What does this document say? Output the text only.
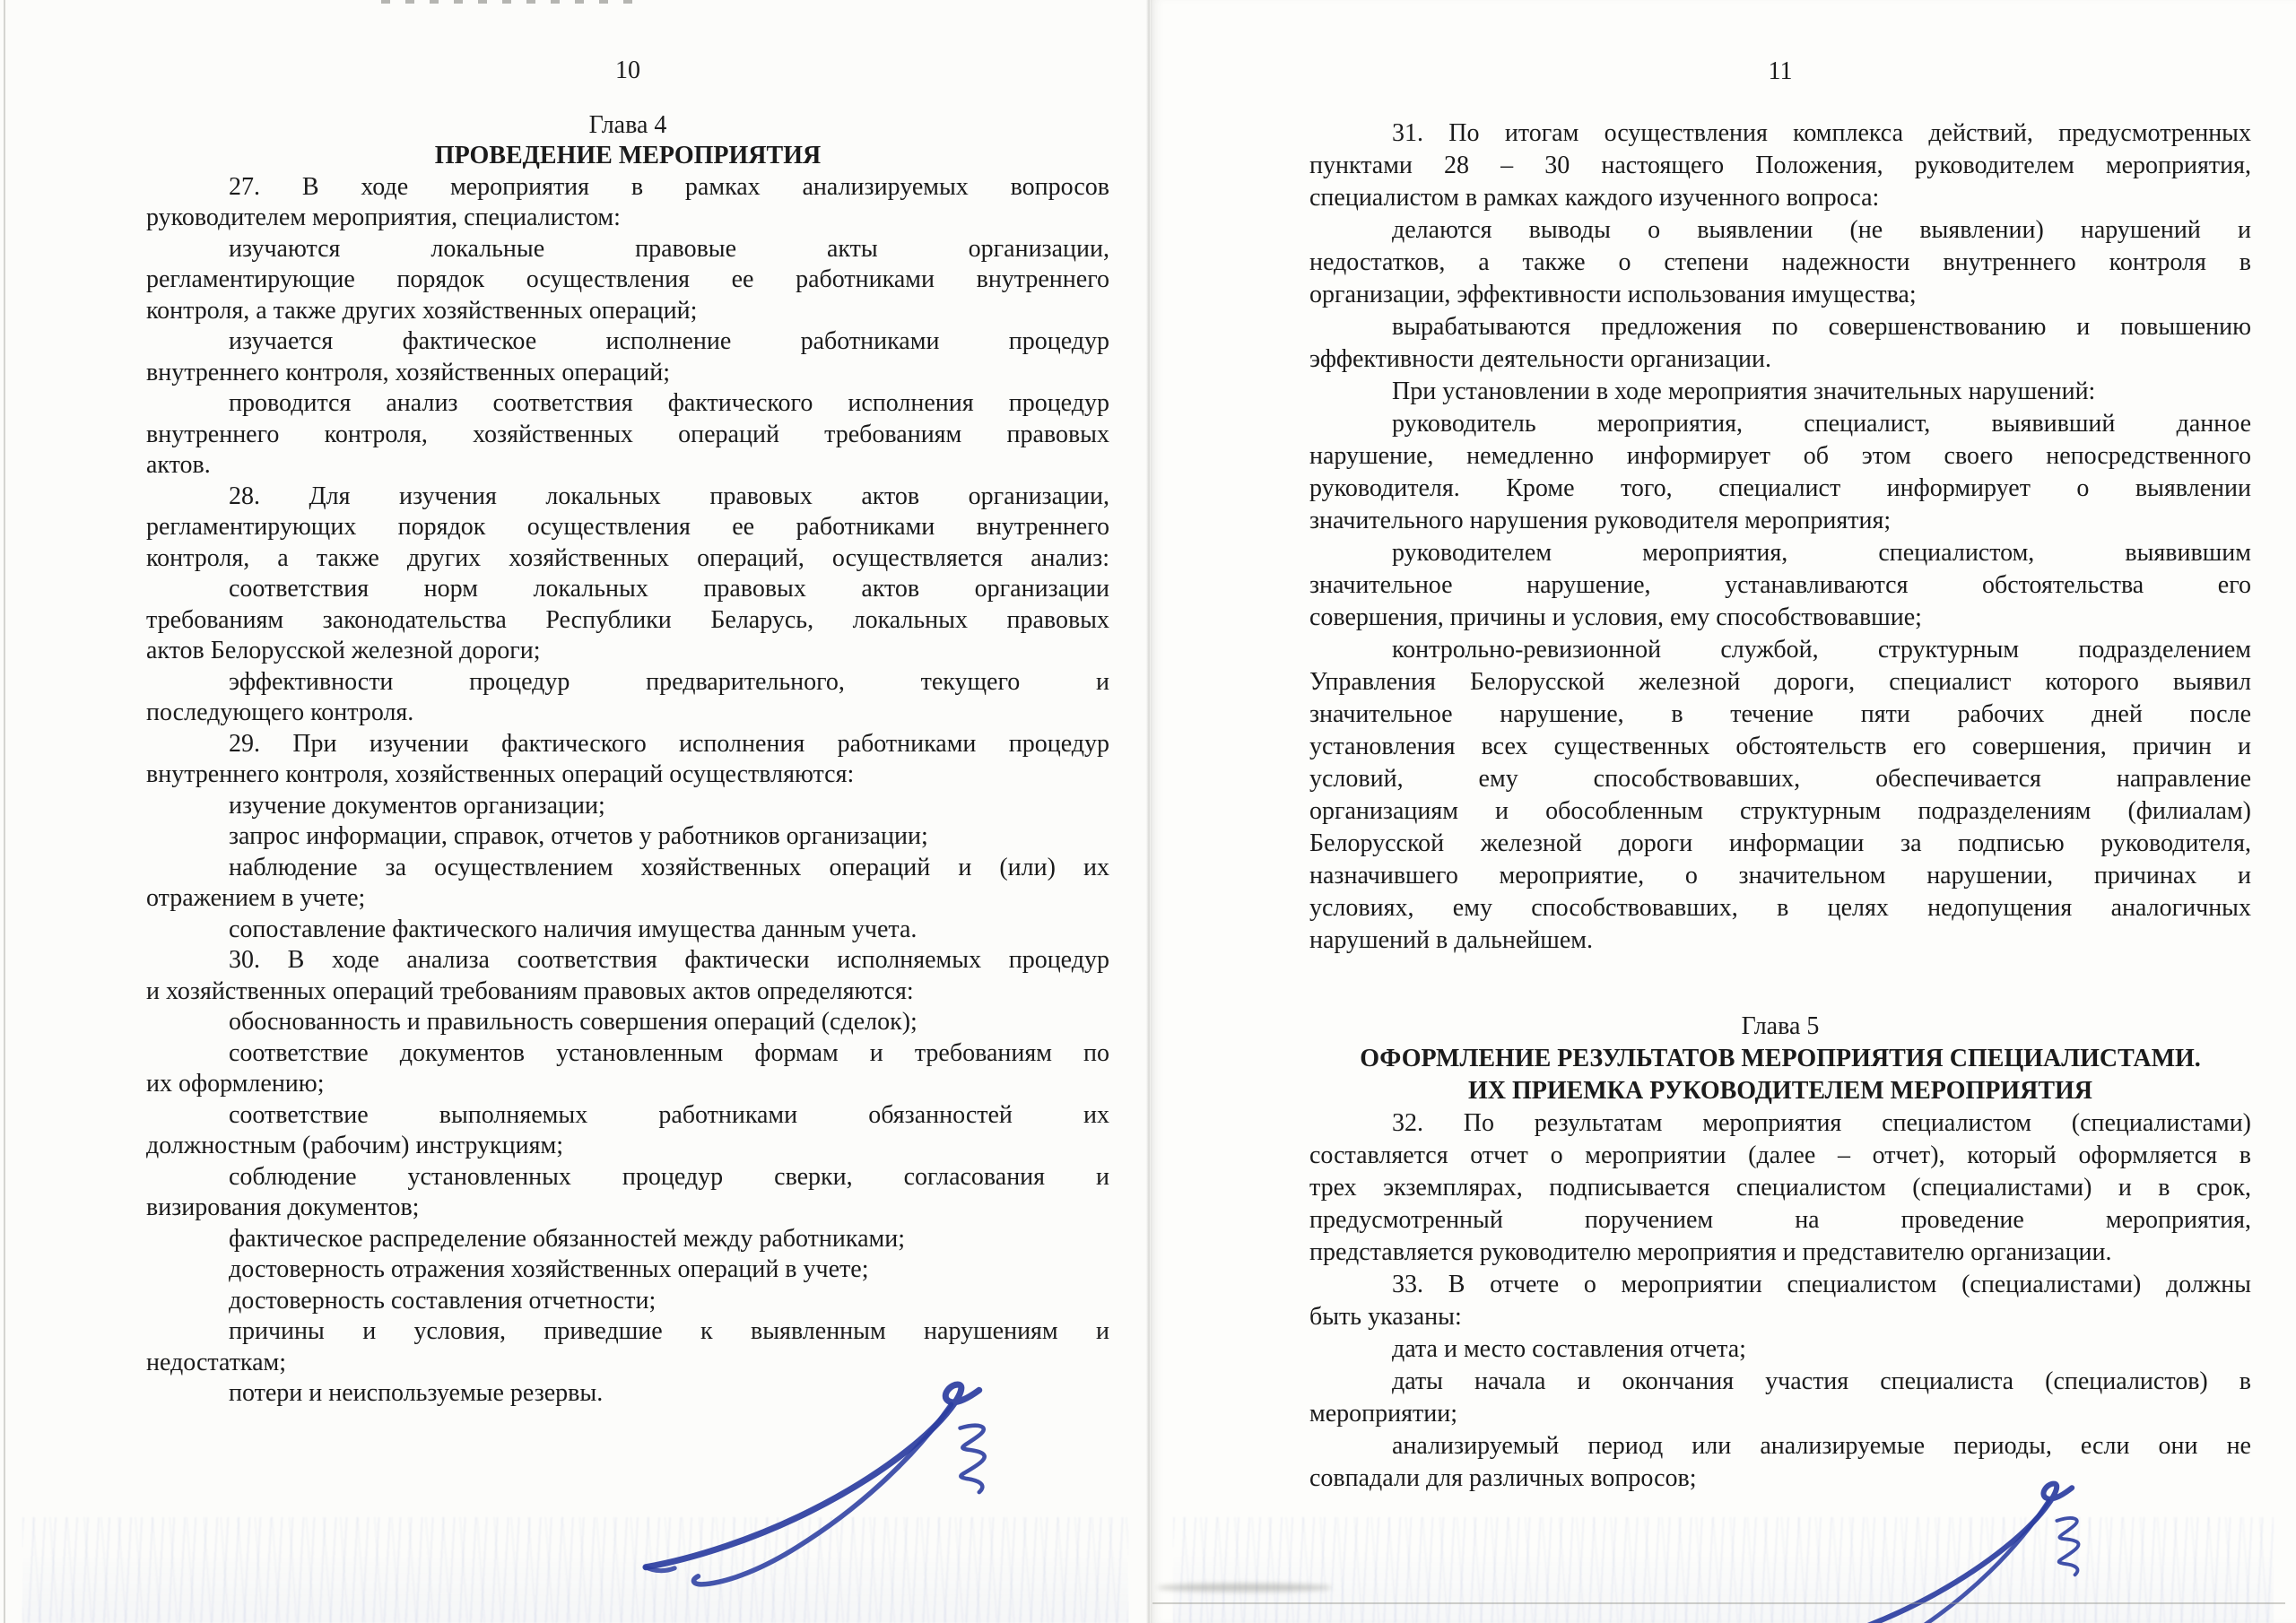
10
Глава 4
ПРОВЕДЕНИЕ МЕРОПРИЯТИЯ
27. В ходе мероприятия в рамках анализируемых вопросов
руководителем мероприятия, специалистом:
изучаются локальные правовые акты организации,
регламентирующие порядок осуществления ее работниками внутреннего
контроля, а также других хозяйственных операций;
изучается фактическое исполнение работниками процедур
внутреннего контроля, хозяйственных операций;
проводится анализ соответствия фактического исполнения процедур
внутреннего контроля, хозяйственных операций требованиям правовых
актов.
28. Для изучения локальных правовых актов организации,
регламентирующих порядок осуществления ее работниками внутреннего
контроля, а также других хозяйственных операций, осуществляется анализ:
соответствия норм локальных правовых актов организации
требованиям законодательства Республики Беларусь, локальных правовых
актов Белорусской железной дороги;
эффективности процедур предварительного, текущего и
последующего контроля.
29. При изучении фактического исполнения работниками процедур
внутреннего контроля, хозяйственных операций осуществляются:
изучение документов организации;
запрос информации, справок, отчетов у работников организации;
наблюдение за осуществлением хозяйственных операций и (или) их
отражением в учете;
сопоставление фактического наличия имущества данным учета.
30. В ходе анализа соответствия фактически исполняемых процедур
и хозяйственных операций требованиям правовых актов определяются:
обоснованность и правильность совершения операций (сделок);
соответствие документов установленным формам и требованиям по
их оформлению;
соответствие выполняемых работниками обязанностей их
должностным (рабочим) инструкциям;
соблюдение установленных процедур сверки, согласования и
визирования документов;
фактическое распределение обязанностей между работниками;
достоверность отражения хозяйственных операций в учете;
достоверность составления отчетности;
причины и условия, приведшие к выявленным нарушениям и
недостаткам;
потери и неиспользуемые резервы.
11
31. По итогам осуществления комплекса действий, предусмотренных
пунктами 28 – 30 настоящего Положения, руководителем мероприятия,
специалистом в рамках каждого изученного вопроса:
делаются выводы о выявлении (не выявлении) нарушений и
недостатков, а также о степени надежности внутреннего контроля в
организации, эффективности использования имущества;
вырабатываются предложения по совершенствованию и повышению
эффективности деятельности организации.
При установлении в ходе мероприятия значительных нарушений:
руководитель мероприятия, специалист, выявивший данное
нарушение, немедленно информирует об этом своего непосредственного
руководителя. Кроме того, специалист информирует о выявлении
значительного нарушения руководителя мероприятия;
руководителем мероприятия, специалистом, выявившим
значительное нарушение, устанавливаются обстоятельства его
совершения, причины и условия, ему способствовавшие;
контрольно-ревизионной службой, структурным подразделением
Управления Белорусской железной дороги, специалист которого выявил
значительное нарушение, в течение пяти рабочих дней после
установления всех существенных обстоятельств его совершения, причин и
условий, ему способствовавших, обеспечивается направление
организациям и обособленным структурным подразделениям (филиалам)
Белорусской железной дороги информации за подписью руководителя,
назначившего мероприятие, о значительном нарушении, причинах и
условиях, ему способствовавших, в целях недопущения аналогичных
нарушений в дальнейшем.
Глава 5
ОФОРМЛЕНИЕ РЕЗУЛЬТАТОВ МЕРОПРИЯТИЯ СПЕЦИАЛИСТАМИ.
ИХ ПРИЕМКА РУКОВОДИТЕЛЕМ МЕРОПРИЯТИЯ
32. По результатам мероприятия специалистом (специалистами)
составляется отчет о мероприятии (далее – отчет), который оформляется в
трех экземплярах, подписывается специалистом (специалистами) и в срок,
предусмотренный поручением на проведение мероприятия,
представляется руководителю мероприятия и представителю организации.
33. В отчете о мероприятии специалистом (специалистами) должны
быть указаны:
дата и место составления отчета;
даты начала и окончания участия специалиста (специалистов) в
мероприятии;
анализируемый период или анализируемые периоды, если они не
совпадали для различных вопросов;
